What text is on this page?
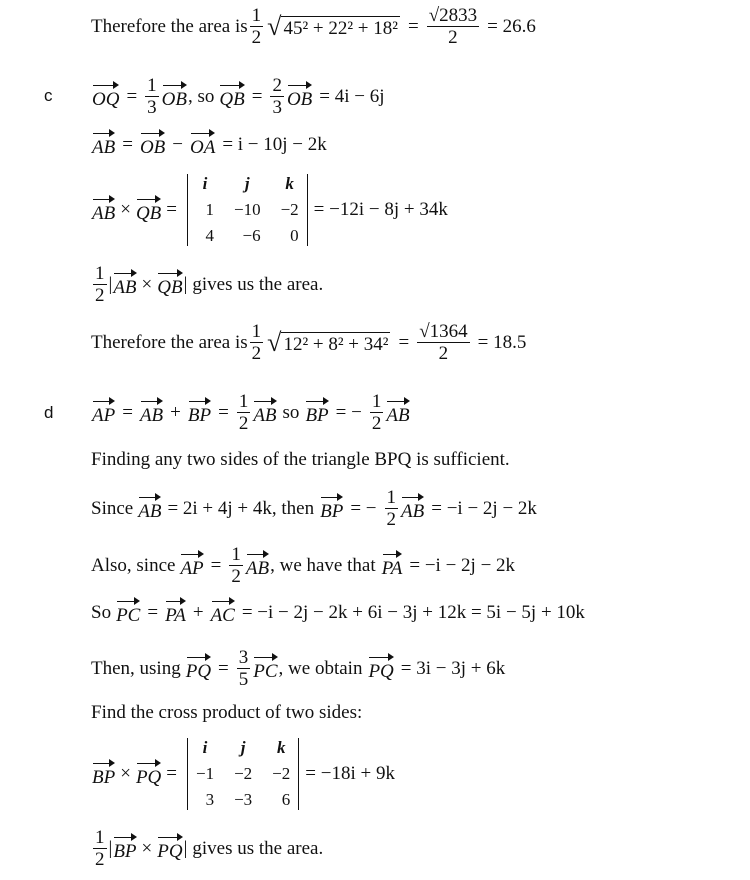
Therefore the area is $\frac{1}{2}$ √ $45^2 + 22^2 + 18^2 = \frac{√2833}{2} = 26.6$
c OQ = $\frac{1}{3}$ OB , so QB = $\frac{2}{3}$ OB = 4i − 6j
AB = OB − OA = i − 10j − 2k
AB × QB =
i	j	k
1 −10 −2
4	−6	0
= −12i − 8j + 34k
$\frac{1}{2}$ | AB × QB | gives us the area.
Therefore the area is $\frac{1}{2}$ √ $12^2 + 8^2 + 34^2 = \frac{√1364}{2} = 18.5$
d AP = AB + BP = $\frac{1}{2}$ AB so BP = − $\frac{1}{2}$ AB
Finding any two sides of the triangle BPQ is sufficient.
Since AB = 2i + 4j + 4k, then BP = − $\frac{1}{2}$ AB = −i − 2j − 2k
Also, since AP = $\frac{1}{2}$ AB , we have that PA = −i − 2j − 2k
So PC = PA + AC = −i − 2j − 2k + 6i − 3j + 12k = 5i − 5j + 10k
Then, using PQ = $\frac{3}{5}$ PC , we obtain PQ = 3i − 3j + 6k
Find the cross product of two sides:
BP × PQ =
i	j	k
−1 −2 −2
3 −3	6
= −18i + 9k
$\frac{1}{2}$ | BP × PQ | gives us the area.
